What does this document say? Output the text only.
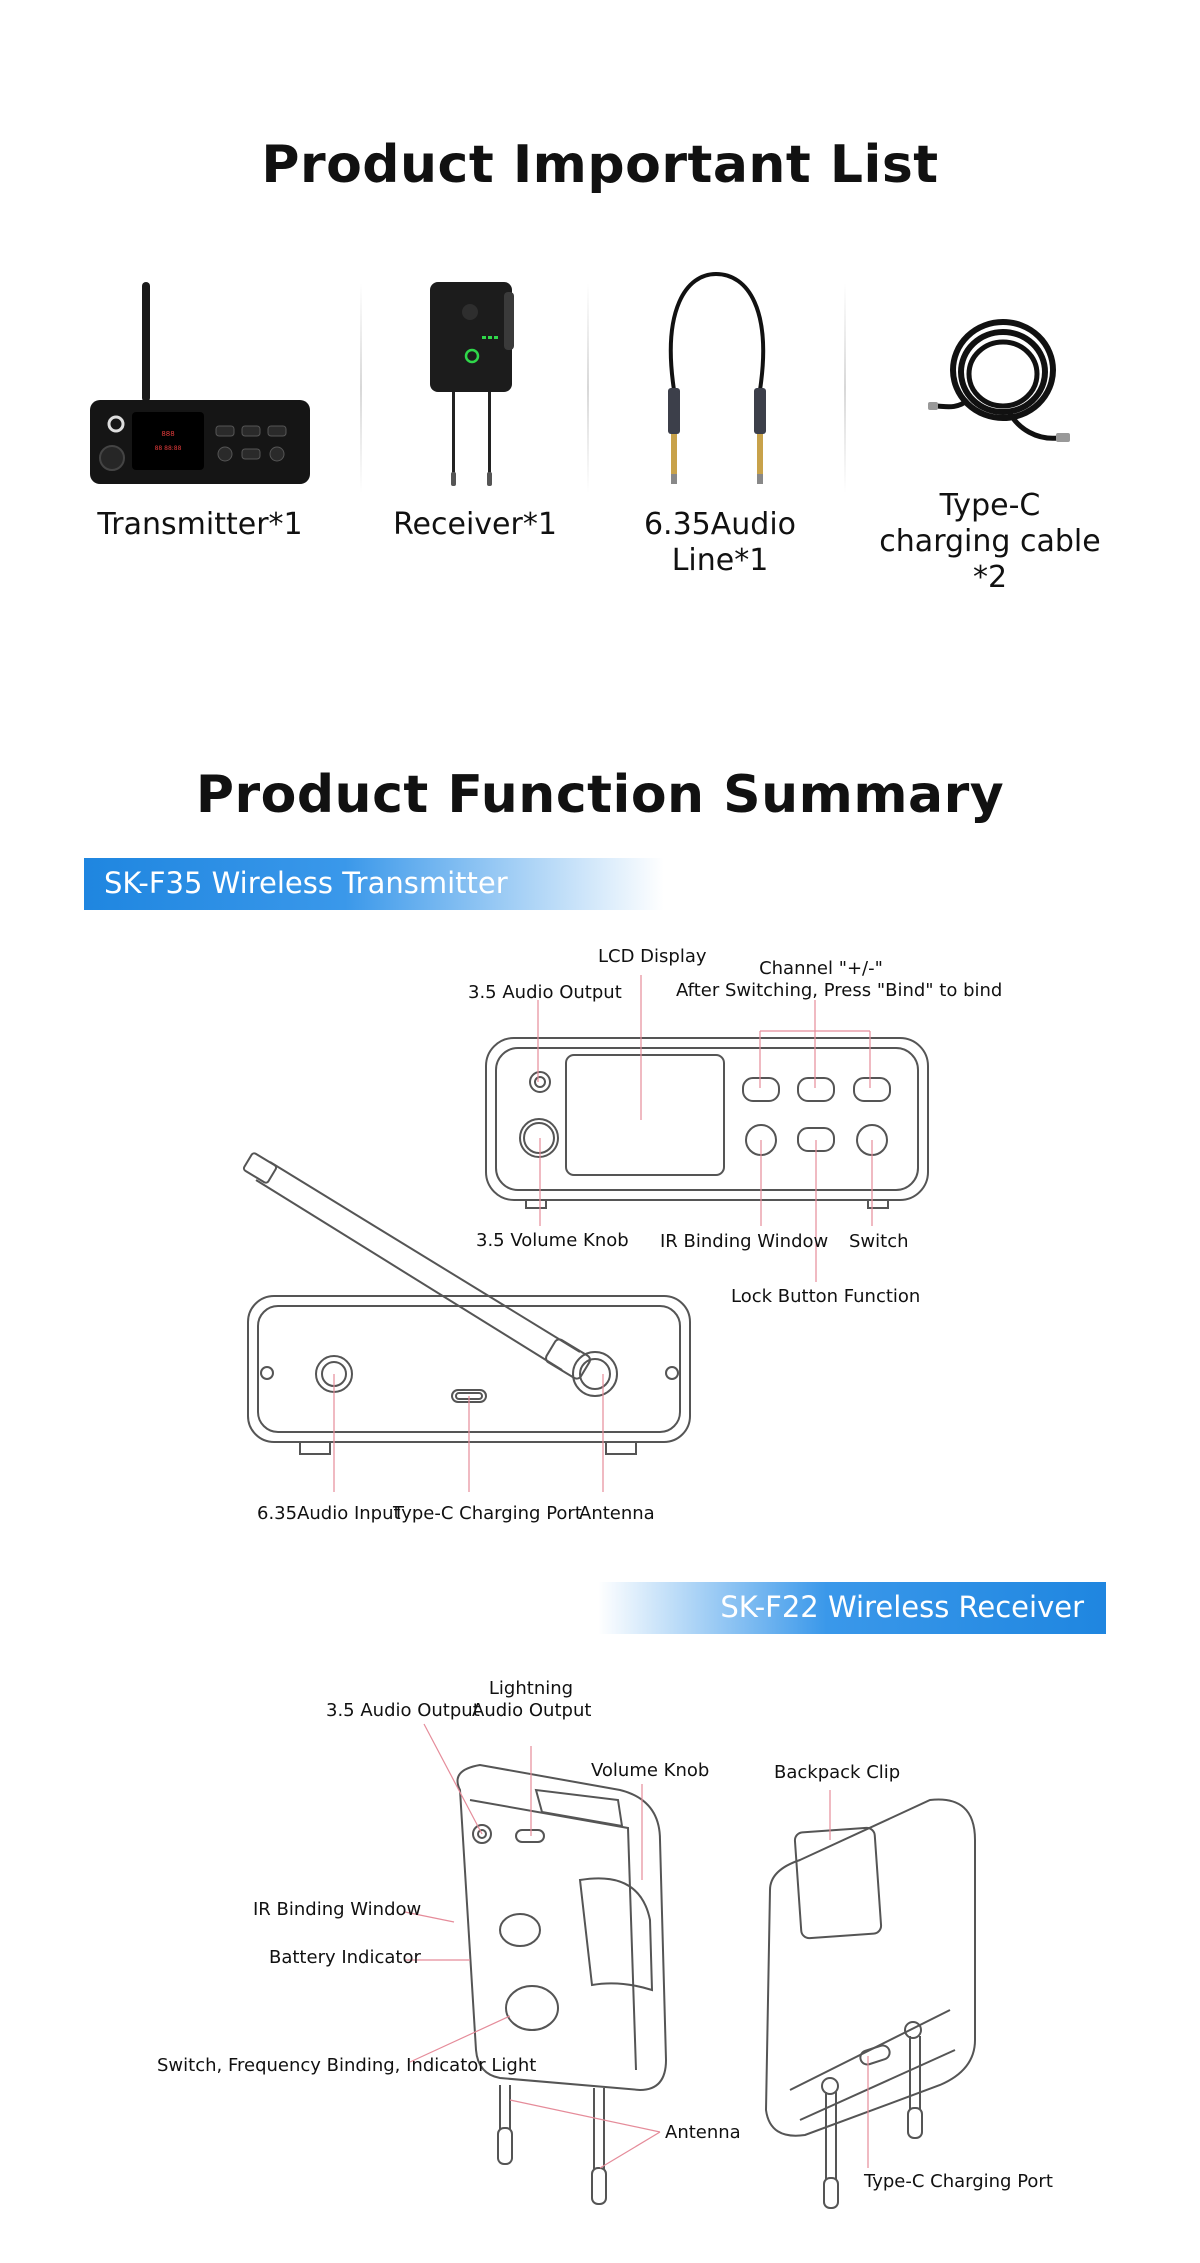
Product Important List
888
88 88:88
Transmitter*1	Receiver*1	6.35Audio Line*1
Type-C
charging cable *2
Product Function Summary
SK-F35 Wireless Transmitter
LCD Display
3.5 Audio Output
Channel "+/-"
After Switching, Press "Bind" to bind
3.5 Volume Knob IR Binding Window Switch
Lock Button Function
6.35Audio Input
Type-C Charging Port
Antenna
SK-F22 Wireless Receiver
3.5 Audio Output
Lightning
Audio Output
Volume Knob	Backpack Clip
IR Binding Window
Battery Indicator
Switch, Frequency Binding, Indicator Light
Antenna
Type-C Charging Port
